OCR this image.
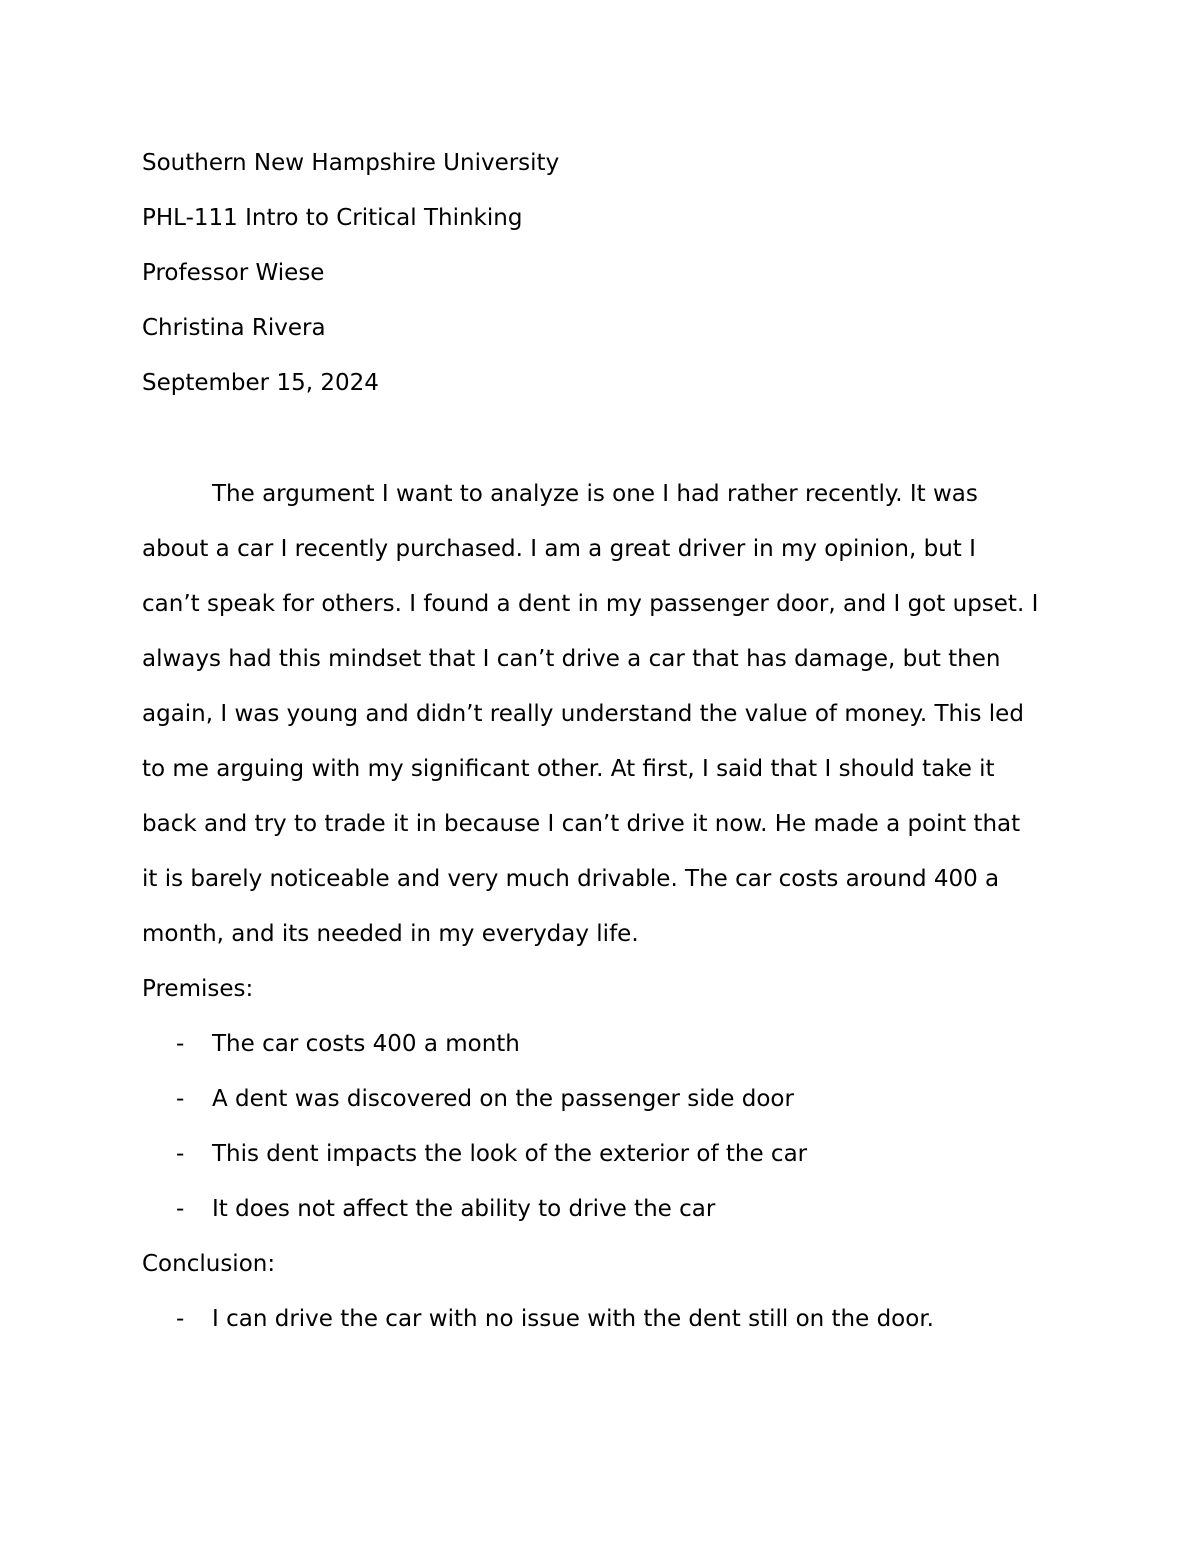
Southern New Hampshire University
PHL-111 Intro to Critical Thinking
Professor Wiese
Christina Rivera
September 15, 2024
The argument I want to analyze is one I had rather recently. It was
about a car I recently purchased. I am a great driver in my opinion, but I
can’t speak for others. I found a dent in my passenger door, and I got upset. I
always had this mindset that I can’t drive a car that has damage, but then
again, I was young and didn’t really understand the value of money. This led
to me arguing with my significant other. At first, I said that I should take it
back and try to trade it in because I can’t drive it now. He made a point that
it is barely noticeable and very much drivable. The car costs around 400 a
month, and its needed in my everyday life.
Premises:
- The car costs 400 a month
- A dent was discovered on the passenger side door
- This dent impacts the look of the exterior of the car
- It does not affect the ability to drive the car
Conclusion:
- I can drive the car with no issue with the dent still on the door.
